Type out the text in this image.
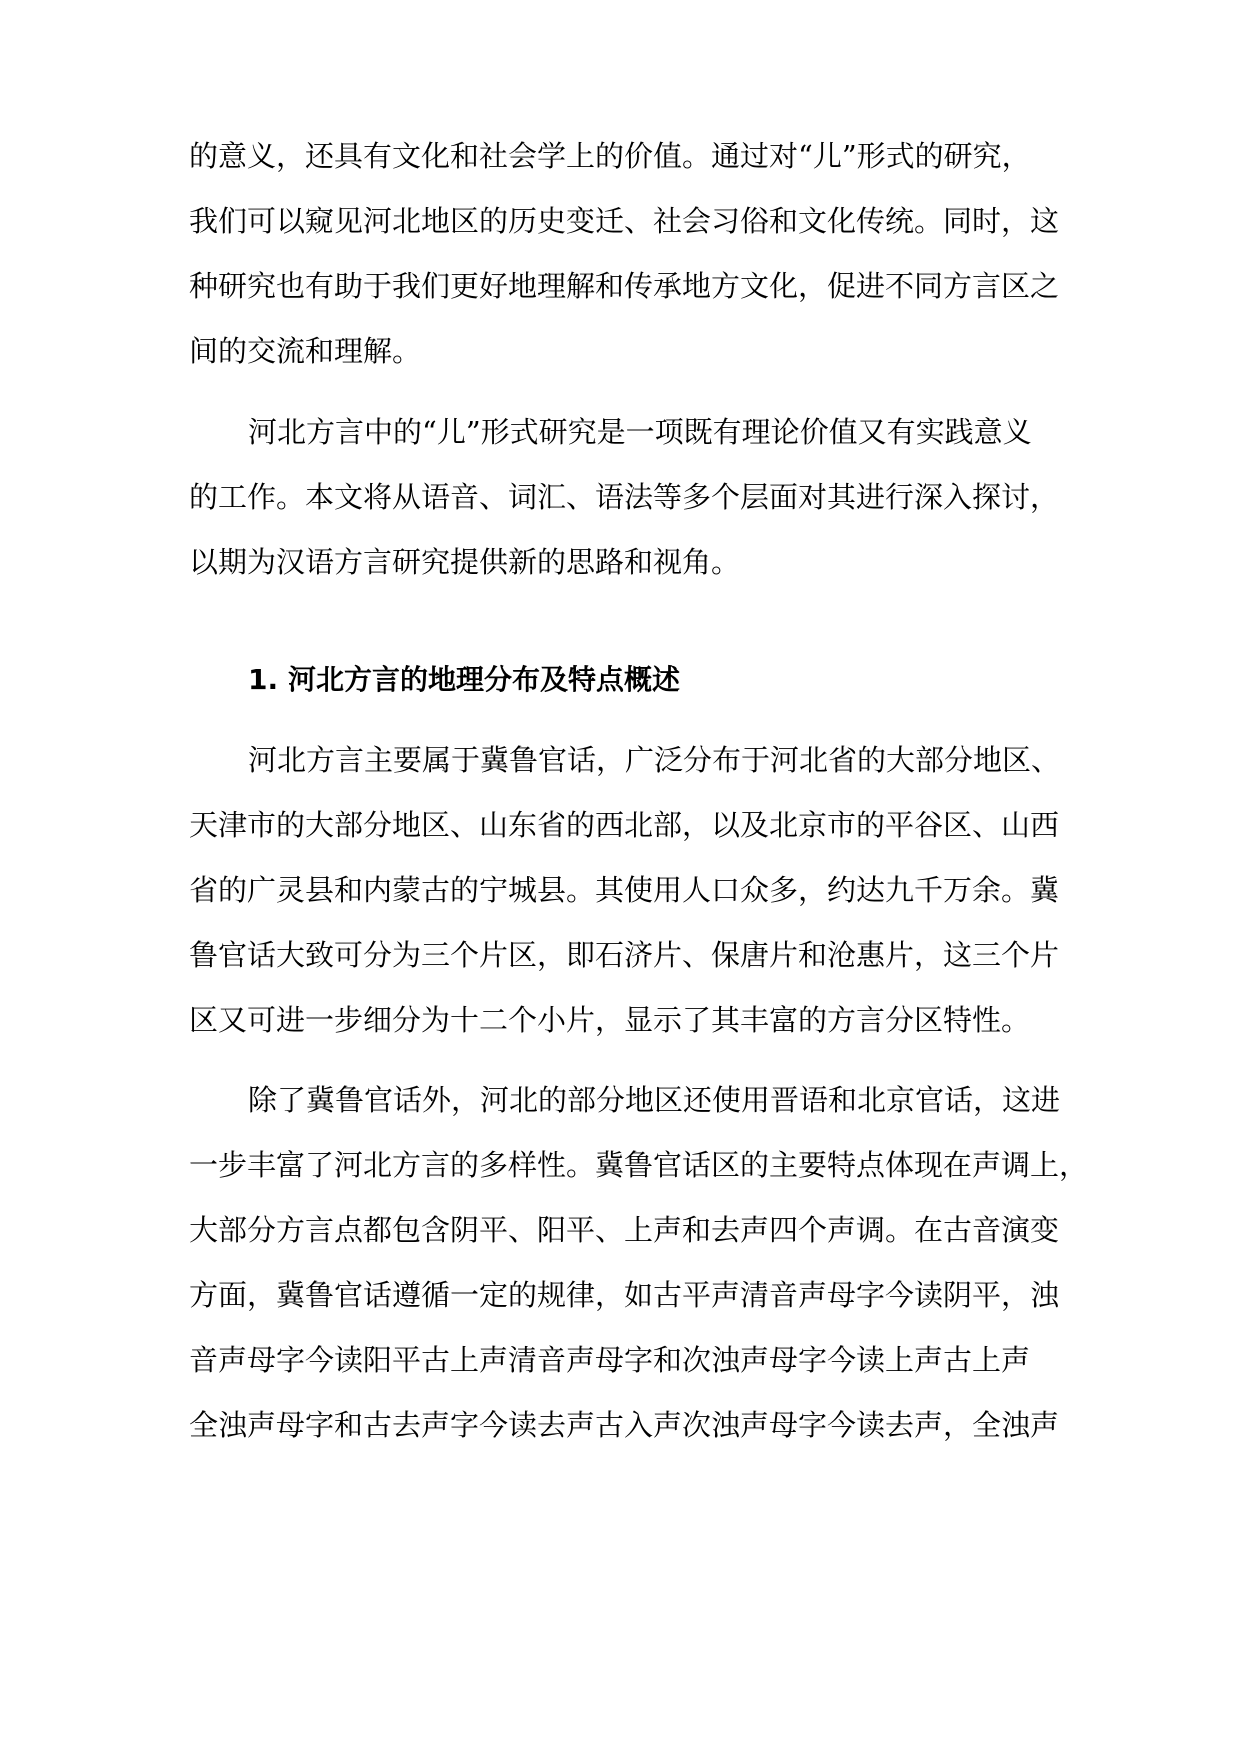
的意义，还具有文化和社会学上的价值。通过对“儿”形式的研究，
我们可以窥见河北地区的历史变迁、社会习俗和文化传统。同时，这
种研究也有助于我们更好地理解和传承地方文化，促进不同方言区之
间的交流和理解。
河北方言中的“儿”形式研究是一项既有理论价值又有实践意义
的工作。本文将从语音、词汇、语法等多个层面对其进行深入探讨，
以期为汉语方言研究提供新的思路和视角。
1. 河北方言的地理分布及特点概述
河北方言主要属于冀鲁官话，广泛分布于河北省的大部分地区、
天津市的大部分地区、山东省的西北部，以及北京市的平谷区、山西
省的广灵县和内蒙古的宁城县。其使用人口众多，约达九千万余。冀
鲁官话大致可分为三个片区，即石济片、保唐片和沧惠片，这三个片
区又可进一步细分为十二个小片，显示了其丰富的方言分区特性。
除了冀鲁官话外，河北的部分地区还使用晋语和北京官话，这进
一步丰富了河北方言的多样性。冀鲁官话区的主要特点体现在声调上，
大部分方言点都包含阴平、阳平、上声和去声四个声调。在古音演变
方面，冀鲁官话遵循一定的规律，如古平声清音声母字今读阴平，浊
音声母字今读阳平古上声清音声母字和次浊声母字今读上声古上声
全浊声母字和古去声字今读去声古入声次浊声母字今读去声，全浊声
